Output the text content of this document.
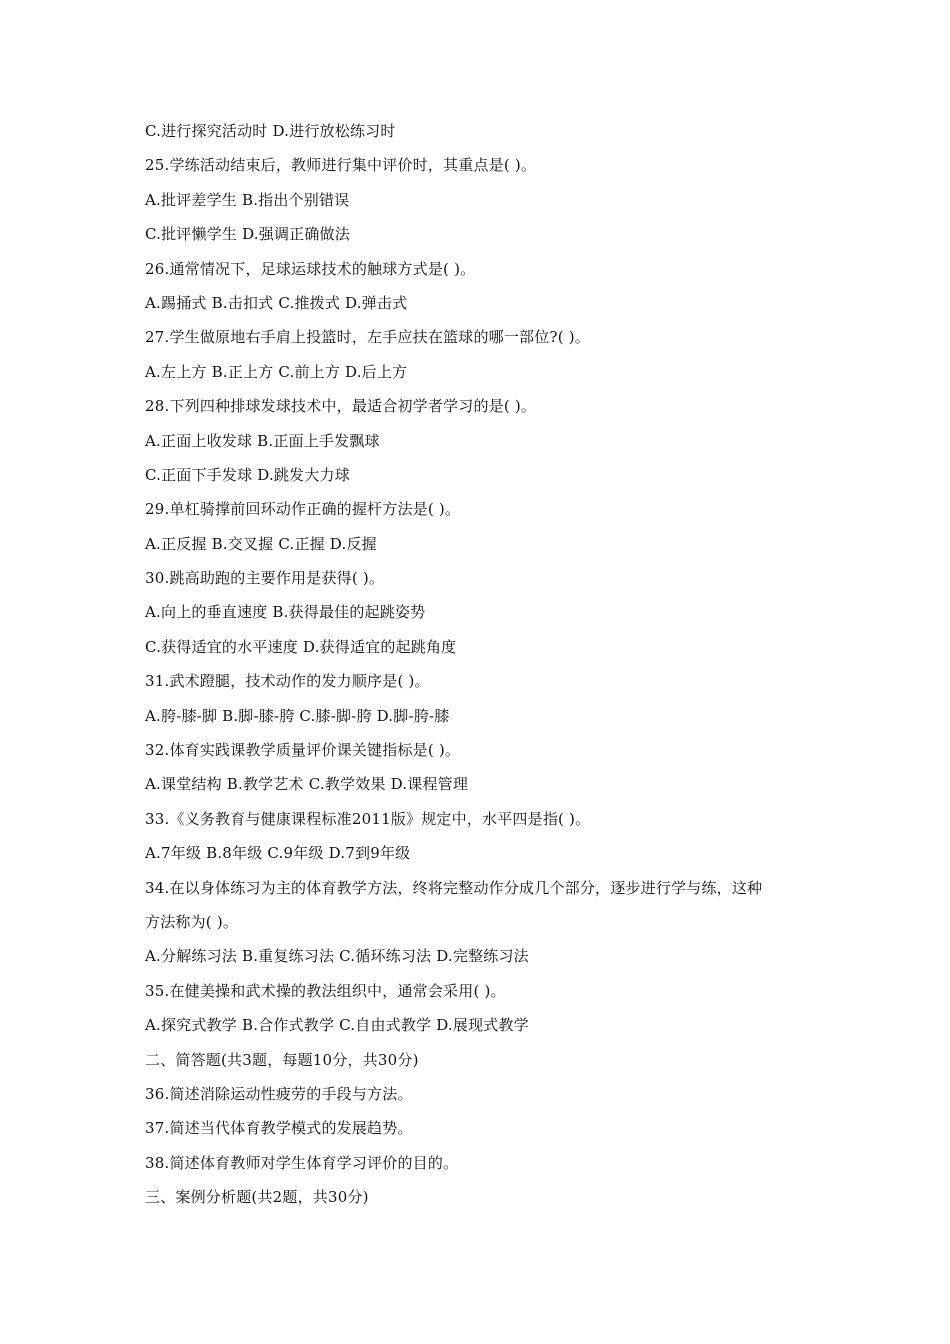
C.进行探究活动时 D.进行放松练习时
25.学练活动结束后，教师进行集中评价时，其重点是( )。
A.批评差学生 B.指出个别错误
C.批评懒学生 D.强调正确做法
26.通常情况下，足球运球技术的触球方式是( )。
A.踢捅式 B.击扣式 C.推拨式 D.弹击式
27.学生做原地右手肩上投篮时，左手应扶在篮球的哪一部位?( )。
A.左上方 B.正上方 C.前上方 D.后上方
28.下列四种排球发球技术中，最适合初学者学习的是( )。
A.正面上收发球 B.正面上手发飘球
C.正面下手发球 D.跳发大力球
29.单杠骑撑前回环动作正确的握杆方法是( )。
A.正反握 B.交叉握 C.正握 D.反握
30.跳高助跑的主要作用是获得( )。
A.向上的垂直速度 B.获得最佳的起跳姿势
C.获得适宜的水平速度 D.获得适宜的起跳角度
31.武术蹬腿，技术动作的发力顺序是( )。
A.胯-膝-脚 B.脚-膝-胯 C.膝-脚-胯 D.脚-胯-膝
32.体育实践课教学质量评价课关键指标是( )。
A.课堂结构 B.教学艺术 C.教学效果 D.课程管理
33.《义务教育与健康课程标准2011版》规定中，水平四是指( )。
A.7年级 B.8年级 C.9年级 D.7到9年级
34.在以身体练习为主的体育教学方法，终将完整动作分成几个部分，逐步进行学与练，这种
方法称为( )。
A.分解练习法 B.重复练习法 C.循环练习法 D.完整练习法
35.在健美操和武术操的教法组织中，通常会采用( )。
A.探究式教学 B.合作式教学 C.自由式教学 D.展现式教学
二、简答题(共3题，每题10分，共30分)
36.简述消除运动性疲劳的手段与方法。
37.简述当代体育教学模式的发展趋势。
38.简述体育教师对学生体育学习评价的目的。
三、案例分析题(共2题，共30分)
